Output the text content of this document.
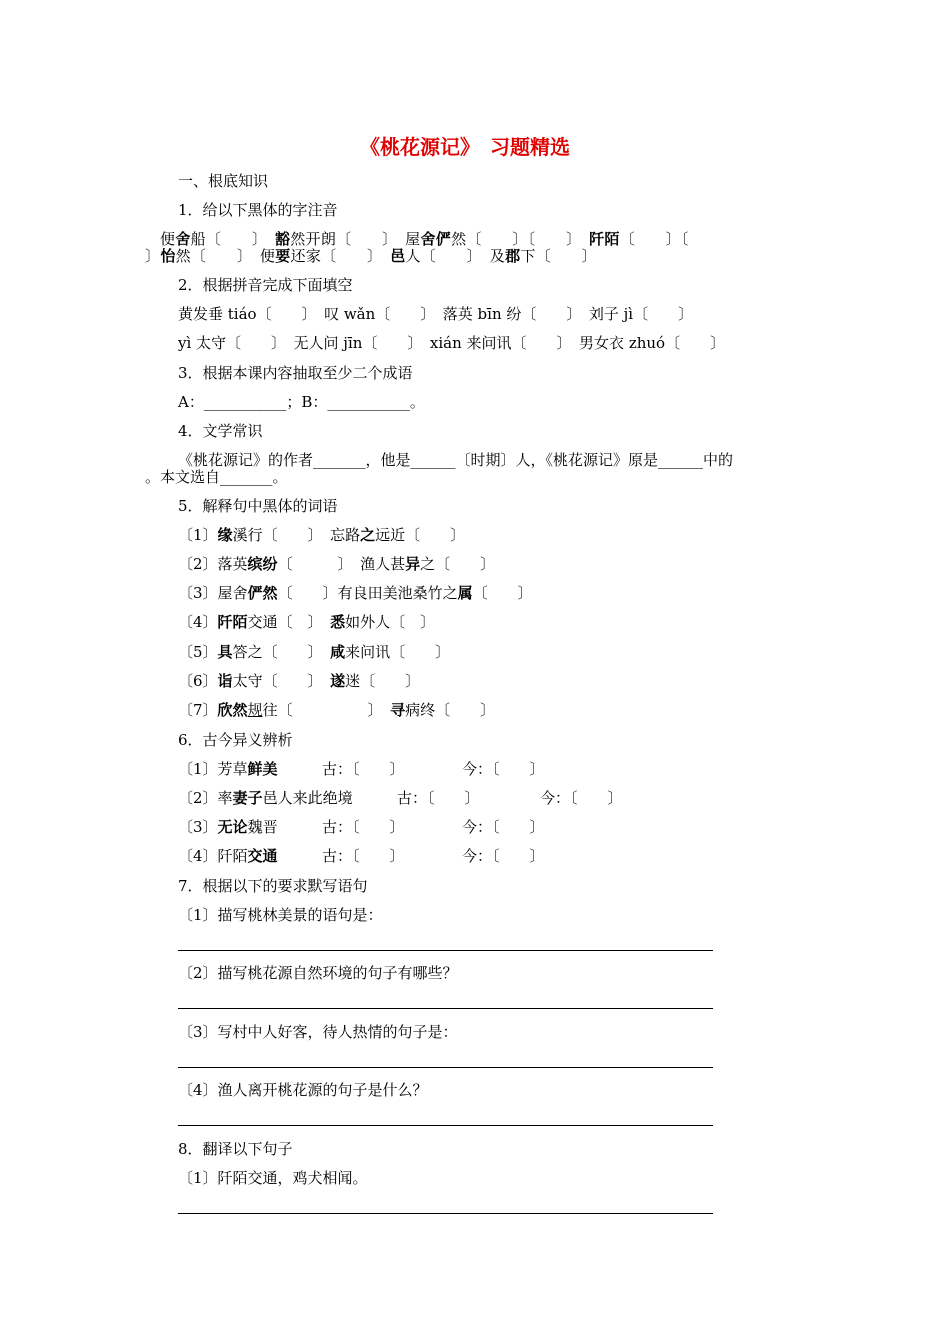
《桃花源记》　习题精选
一、根底知识
1．给以下黑体的字注音
便舍船〔　　〕　豁然开朗〔　　〕　屋舍俨然〔　　〕〔　　〕　阡陌〔　　〕〔
〕怡然〔　　〕　便要还家〔　　〕　邑人〔　　〕　及郡下〔　　〕
2．根据拼音完成下面填空
黄发垂 tiáo〔　　〕　叹 wǎn〔　　〕　落英 bīn 纷〔　　〕　刘子 jì〔　　〕
yì 太守〔　　〕　无人问 jīn〔　　〕　xián 来问讯〔　　〕　男女衣 zhuó〔　　〕
3．根据本课内容抽取至少二个成语
A：___________；B：___________。
4．文学常识
《桃花源记》的作者_______，他是______〔时期〕人，《桃花源记》原是______中的
。本文选自_______。
5．解释句中黑体的词语
〔1〕缘溪行〔　　〕　忘路之远近〔　　〕
〔2〕落英缤纷〔　　　〕　渔人甚异之〔　　〕
〔3〕屋舍俨然〔　　〕有良田美池桑竹之属〔　　〕
〔4〕阡陌交通〔　〕　悉如外人〔　〕
〔5〕具答之〔　　〕　咸来问讯〔　　〕
〔6〕诣太守〔　　〕　遂迷〔　　〕
〔7〕欣然规往〔　　　　　〕　寻病终〔　　〕
6．古今异义辨析
〔1〕芳草鲜美	古：〔　　〕	今：〔　　〕
〔2〕率妻子邑人来此绝境	古：〔　　〕	今：〔　　〕
〔3〕无论魏晋	古：〔　　〕	今：〔　　〕
〔4〕阡陌交通	古：〔　　〕	今：〔　　〕
7．根据以下的要求默写语句
〔1〕描写桃林美景的语句是：
〔2〕描写桃花源自然环境的句子有哪些？
〔3〕写村中人好客，待人热情的句子是：
〔4〕渔人离开桃花源的句子是什么？
8．翻译以下句子
〔1〕阡陌交通，鸡犬相闻。
